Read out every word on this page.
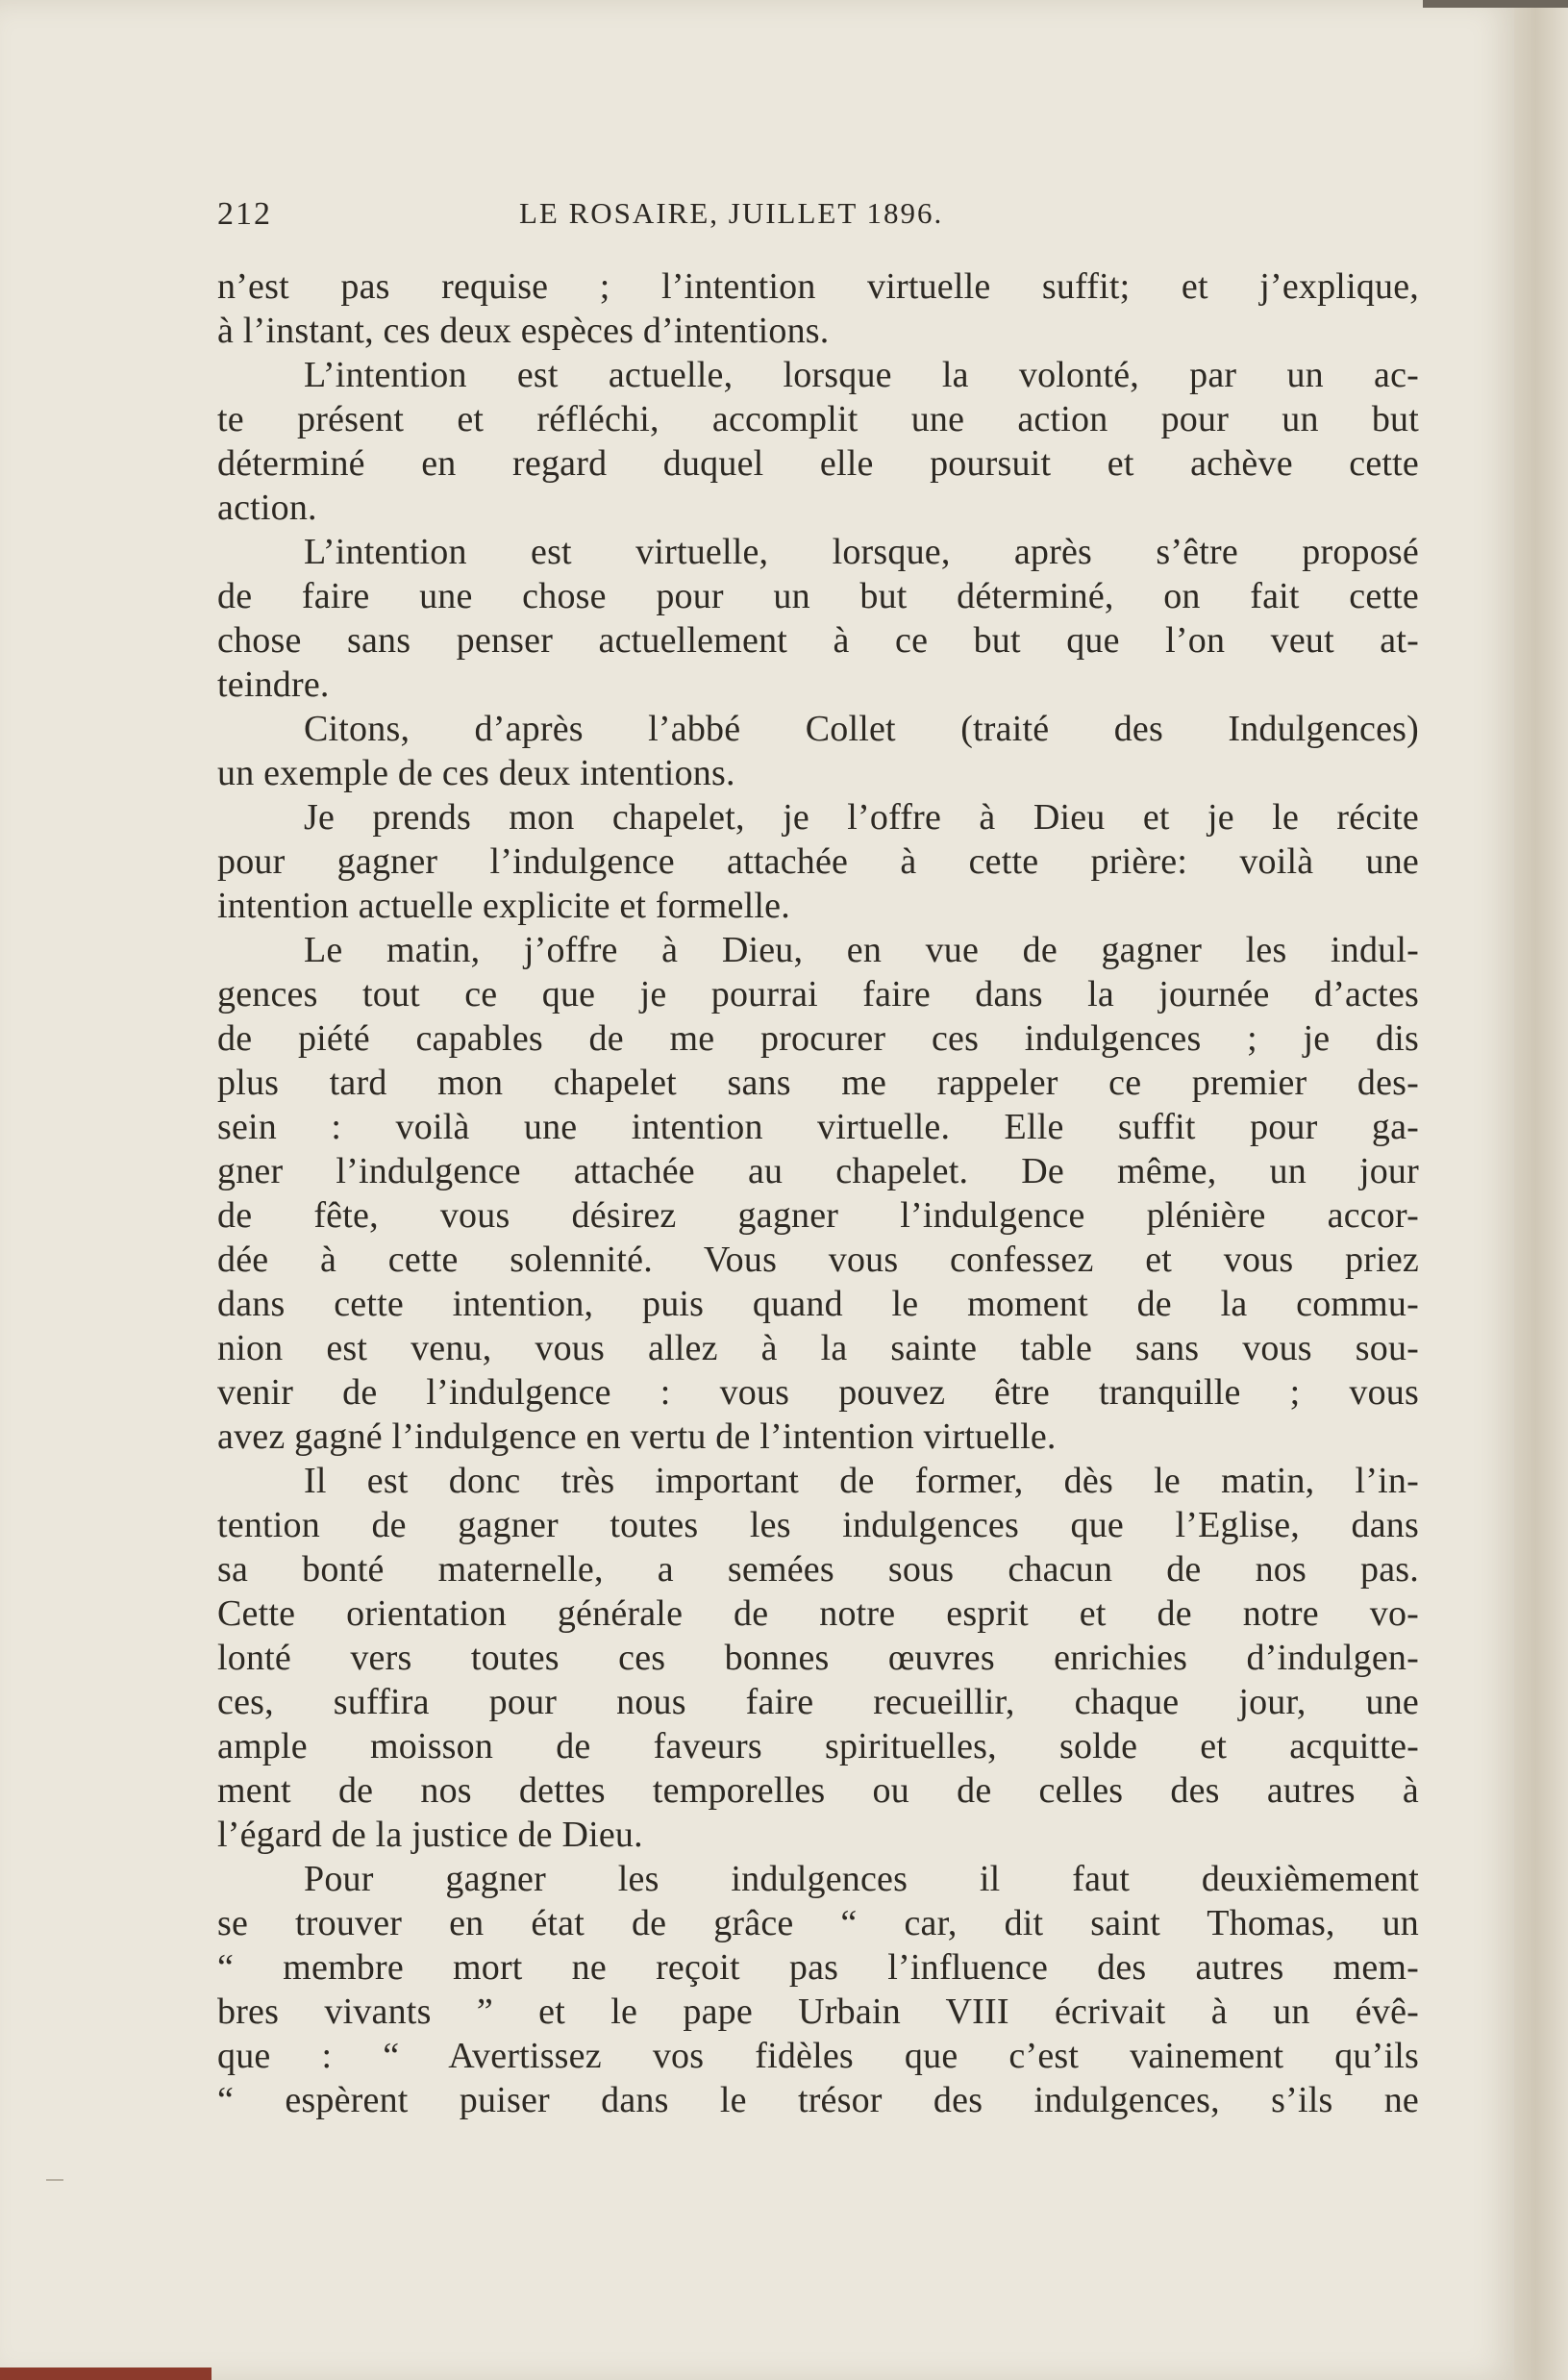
212	LE ROSAIRE, JUILLET 1896.
n’est pas requise ; l’intention virtuelle suffit; et j’explique,
à l’instant, ces deux espèces d’intentions.
L’intention est actuelle, lorsque la volonté, par un ac-
te présent et réfléchi, accomplit une action pour un but
déterminé en regard duquel elle poursuit et achève cette
action.
L’intention est virtuelle, lorsque, après s’être proposé
de faire une chose pour un but déterminé, on fait cette
chose sans penser actuellement à ce but que l’on veut at-
teindre.
Citons, d’après l’abbé Collet (traité des Indulgences)
un exemple de ces deux intentions.
Je prends mon chapelet, je l’offre à Dieu et je le récite
pour gagner l’indulgence attachée à cette prière: voilà une
intention actuelle explicite et formelle.
Le matin, j’offre à Dieu, en vue de gagner les indul-
gences tout ce que je pourrai faire dans la journée d’actes
de piété capables de me procurer ces indulgences ; je dis
plus tard mon chapelet sans me rappeler ce premier des-
sein : voilà une intention virtuelle. Elle suffit pour ga-
gner l’indulgence attachée au chapelet. De même, un jour
de fête, vous désirez gagner l’indulgence plénière accor-
dée à cette solennité. Vous vous confessez et vous priez
dans cette intention, puis quand le moment de la commu-
nion est venu, vous allez à la sainte table sans vous sou-
venir de l’indulgence : vous pouvez être tranquille ; vous
avez gagné l’indulgence en vertu de l’intention virtuelle.
Il est donc très important de former, dès le matin, l’in-
tention de gagner toutes les indulgences que l’Eglise, dans
sa bonté maternelle, a semées sous chacun de nos pas.
Cette orientation générale de notre esprit et de notre vo-
lonté vers toutes ces bonnes œuvres enrichies d’indulgen-
ces, suffira pour nous faire recueillir, chaque jour, une
ample moisson de faveurs spirituelles, solde et acquitte-
ment de nos dettes temporelles ou de celles des autres à
l’égard de la justice de Dieu.
Pour gagner les indulgences il faut deuxièmement
se trouver en état de grâce “ car, dit saint Thomas, un
“ membre mort ne reçoit pas l’influence des autres mem-
bres vivants ” et le pape Urbain VIII écrivait à un évê-
que : “ Avertissez vos fidèles que c’est vainement qu’ils
“ espèrent puiser dans le trésor des indulgences, s’ils ne
